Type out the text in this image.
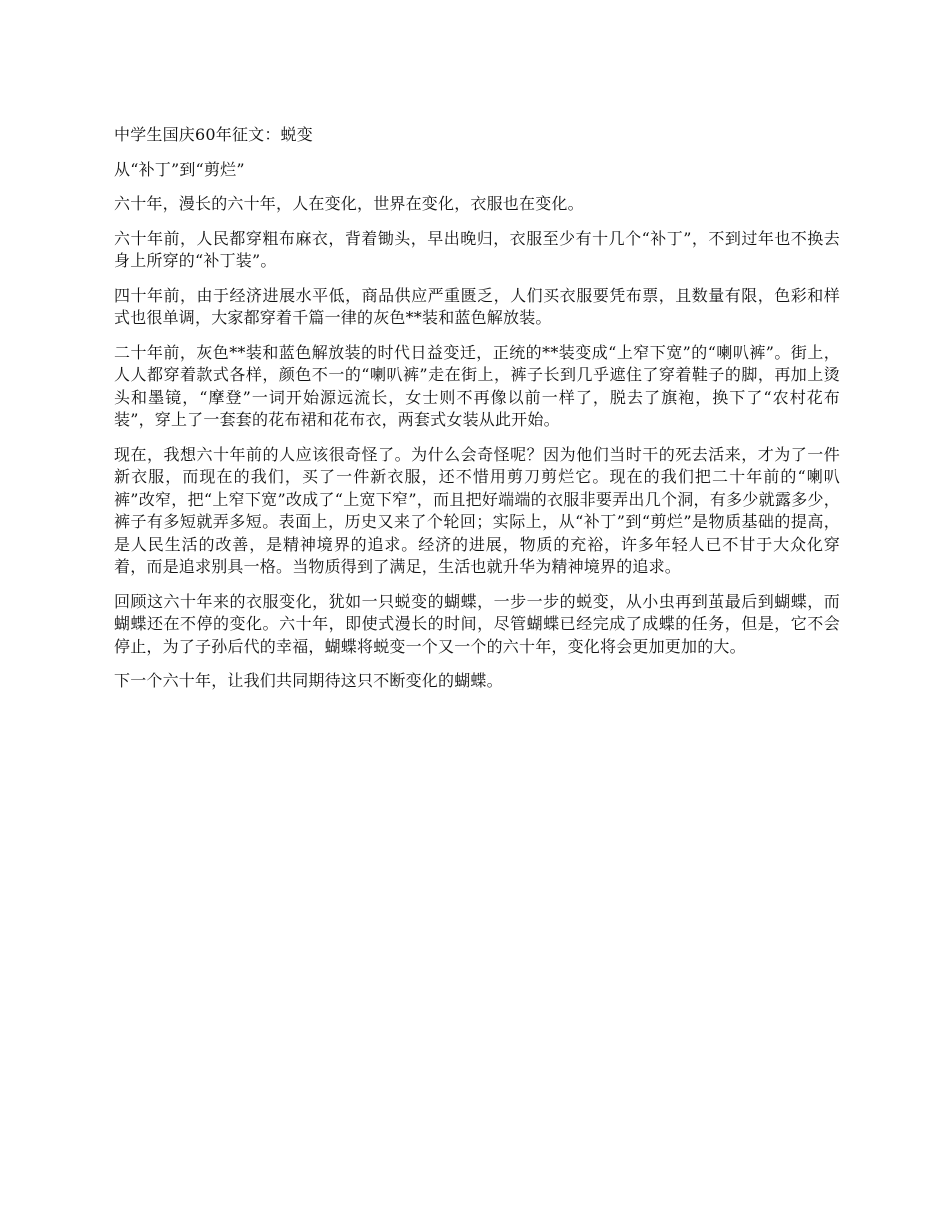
中学生国庆60年征文：蜕变

从“补丁”到“剪烂”

六十年，漫长的六十年，人在变化，世界在变化，衣服也在变化。

六十年前，人民都穿粗布麻衣，背着锄头，早出晚归，衣服至少有十几个“补丁”，不到过年也不换去身上所穿的“补丁装”。

四十年前，由于经济进展水平低，商品供应严重匮乏，人们买衣服要凭布票，且数量有限，色彩和样式也很单调，大家都穿着千篇一律的灰色**装和蓝色解放装。

二十年前，灰色**装和蓝色解放装的时代日益变迁，正统的**装变成“上窄下宽”的“喇叭裤”。街上，人人都穿着款式各样，颜色不一的“喇叭裤”走在街上，裤子长到几乎遮住了穿着鞋子的脚，再加上烫头和墨镜，“摩登”一词开始源远流长，女士则不再像以前一样了，脱去了旗袍，换下了“农村花布装”，穿上了一套套的花布裙和花布衣，两套式女装从此开始。

现在，我想六十年前的人应该很奇怪了。为什么会奇怪呢？因为他们当时干的死去活来，才为了一件新衣服，而现在的我们，买了一件新衣服，还不惜用剪刀剪烂它。现在的我们把二十年前的“喇叭裤”改窄，把“上窄下宽”改成了“上宽下窄”，而且把好端端的衣服非要弄出几个洞，有多少就露多少，裤子有多短就弄多短。表面上，历史又来了个轮回；实际上，从“补丁”到“剪烂”是物质基础的提高，是人民生活的改善，是精神境界的追求。经济的进展，物质的充裕，许多年轻人已不甘于大众化穿着，而是追求别具一格。当物质得到了满足，生活也就升华为精神境界的追求。

回顾这六十年来的衣服变化，犹如一只蜕变的蝴蝶，一步一步的蜕变，从小虫再到茧最后到蝴蝶，而蝴蝶还在不停的变化。六十年，即使式漫长的时间，尽管蝴蝶已经完成了成蝶的任务，但是，它不会停止，为了子孙后代的幸福，蝴蝶将蜕变一个又一个的六十年，变化将会更加更加的大。

下一个六十年，让我们共同期待这只不断变化的蝴蝶。
